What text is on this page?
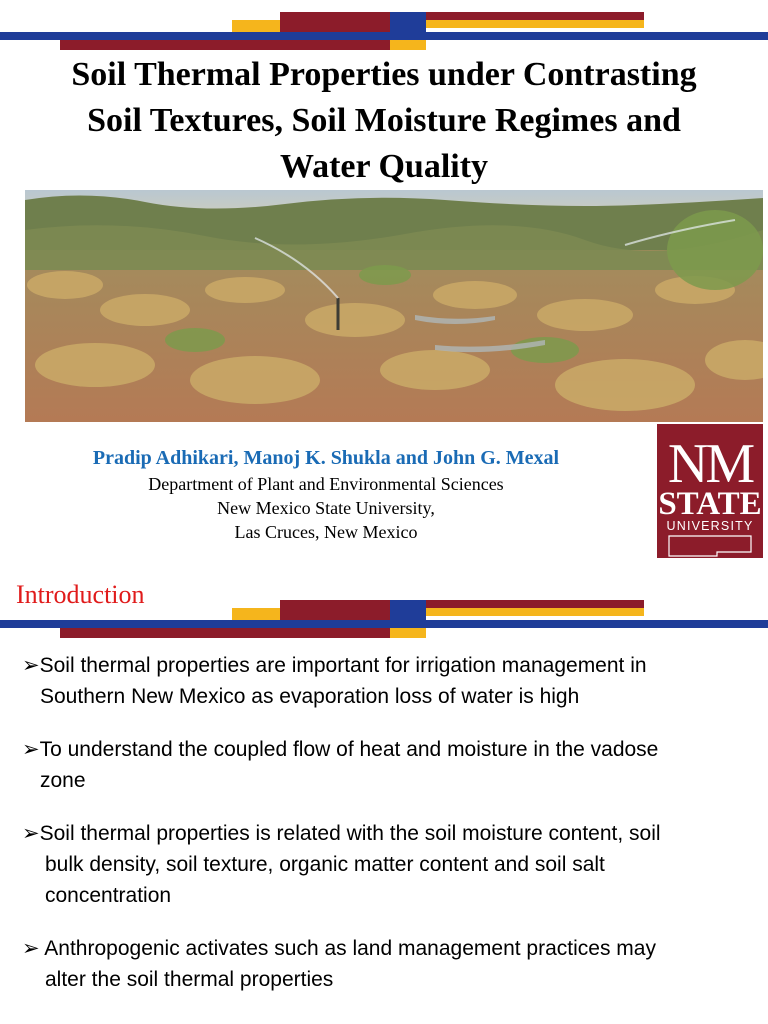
Soil Thermal Properties under Contrasting
Soil Textures, Soil Moisture Regimes and
Water Quality

Pradip Adhikari, Manoj K. Shukla and John G. Mexal

Department of Plant and Environmental Sciences

New Mexico State University,

Las Cruces, New Mexico

NM
STATE
UNIVERSITY
Introduction
➢Soil thermal properties are important for irrigation management in
Southern New Mexico as evaporation loss of water is high
➢To understand the coupled flow of heat and moisture in the vadose
zone
➢Soil thermal properties is related with the soil moisture content, soil
bulk density, soil texture, organic matter content and soil salt
concentration
➢ Anthropogenic activates such as land management practices may
alter the soil thermal properties
